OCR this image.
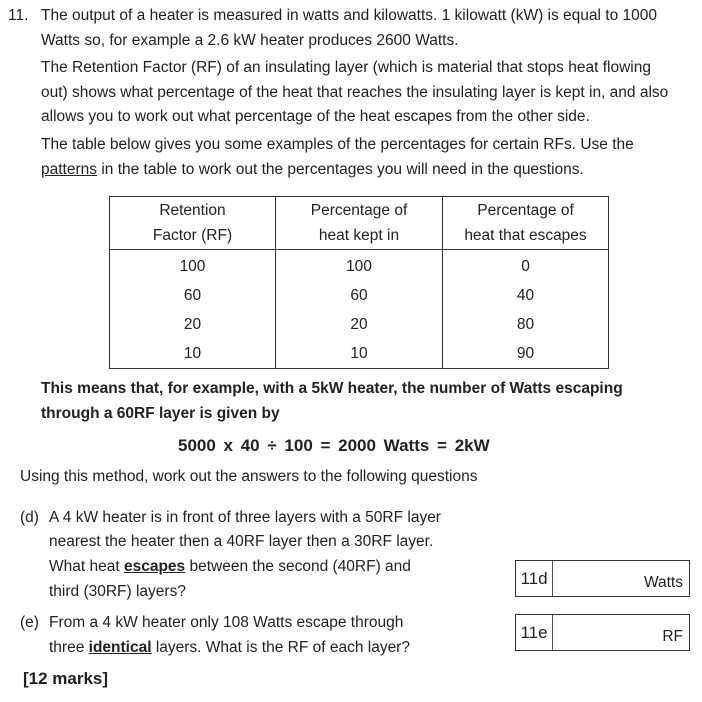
11. The output of a heater is measured in watts and kilowatts. 1 kilowatt (kW) is equal to 1000
Watts so, for example a 2.6 kW heater produces 2600 Watts.
The Retention Factor (RF) of an insulating layer (which is material that stops heat flowing
out) shows what percentage of the heat that reaches the insulating layer is kept in, and also
allows you to work out what percentage of the heat escapes from the other side.
The table below gives you some examples of the percentages for certain RFs. Use the
patterns in the table to work out the percentages you will need in the questions.
Retention
Factor (RF)	Percentage of
heat kept in	Percentage of
heat that escapes
100	100	0
60	60	40
20	20	80
10	10	90
This means that, for example, with a 5kW heater, the number of Watts escaping
through a 60RF layer is given by
5000 x 40 ÷ 100 = 2000 Watts = 2kW
Using this method, work out the answers to the following questions
(d) A 4 kW heater is in front of three layers with a 50RF layer
nearest the heater then a 40RF layer then a 30RF layer.
What heat escapes between the second (40RF) and
third (30RF) layers?
11d	Watts
(e) From a 4 kW heater only 108 Watts escape through
three identical layers. What is the RF of each layer?
11e	RF
[12 marks]
